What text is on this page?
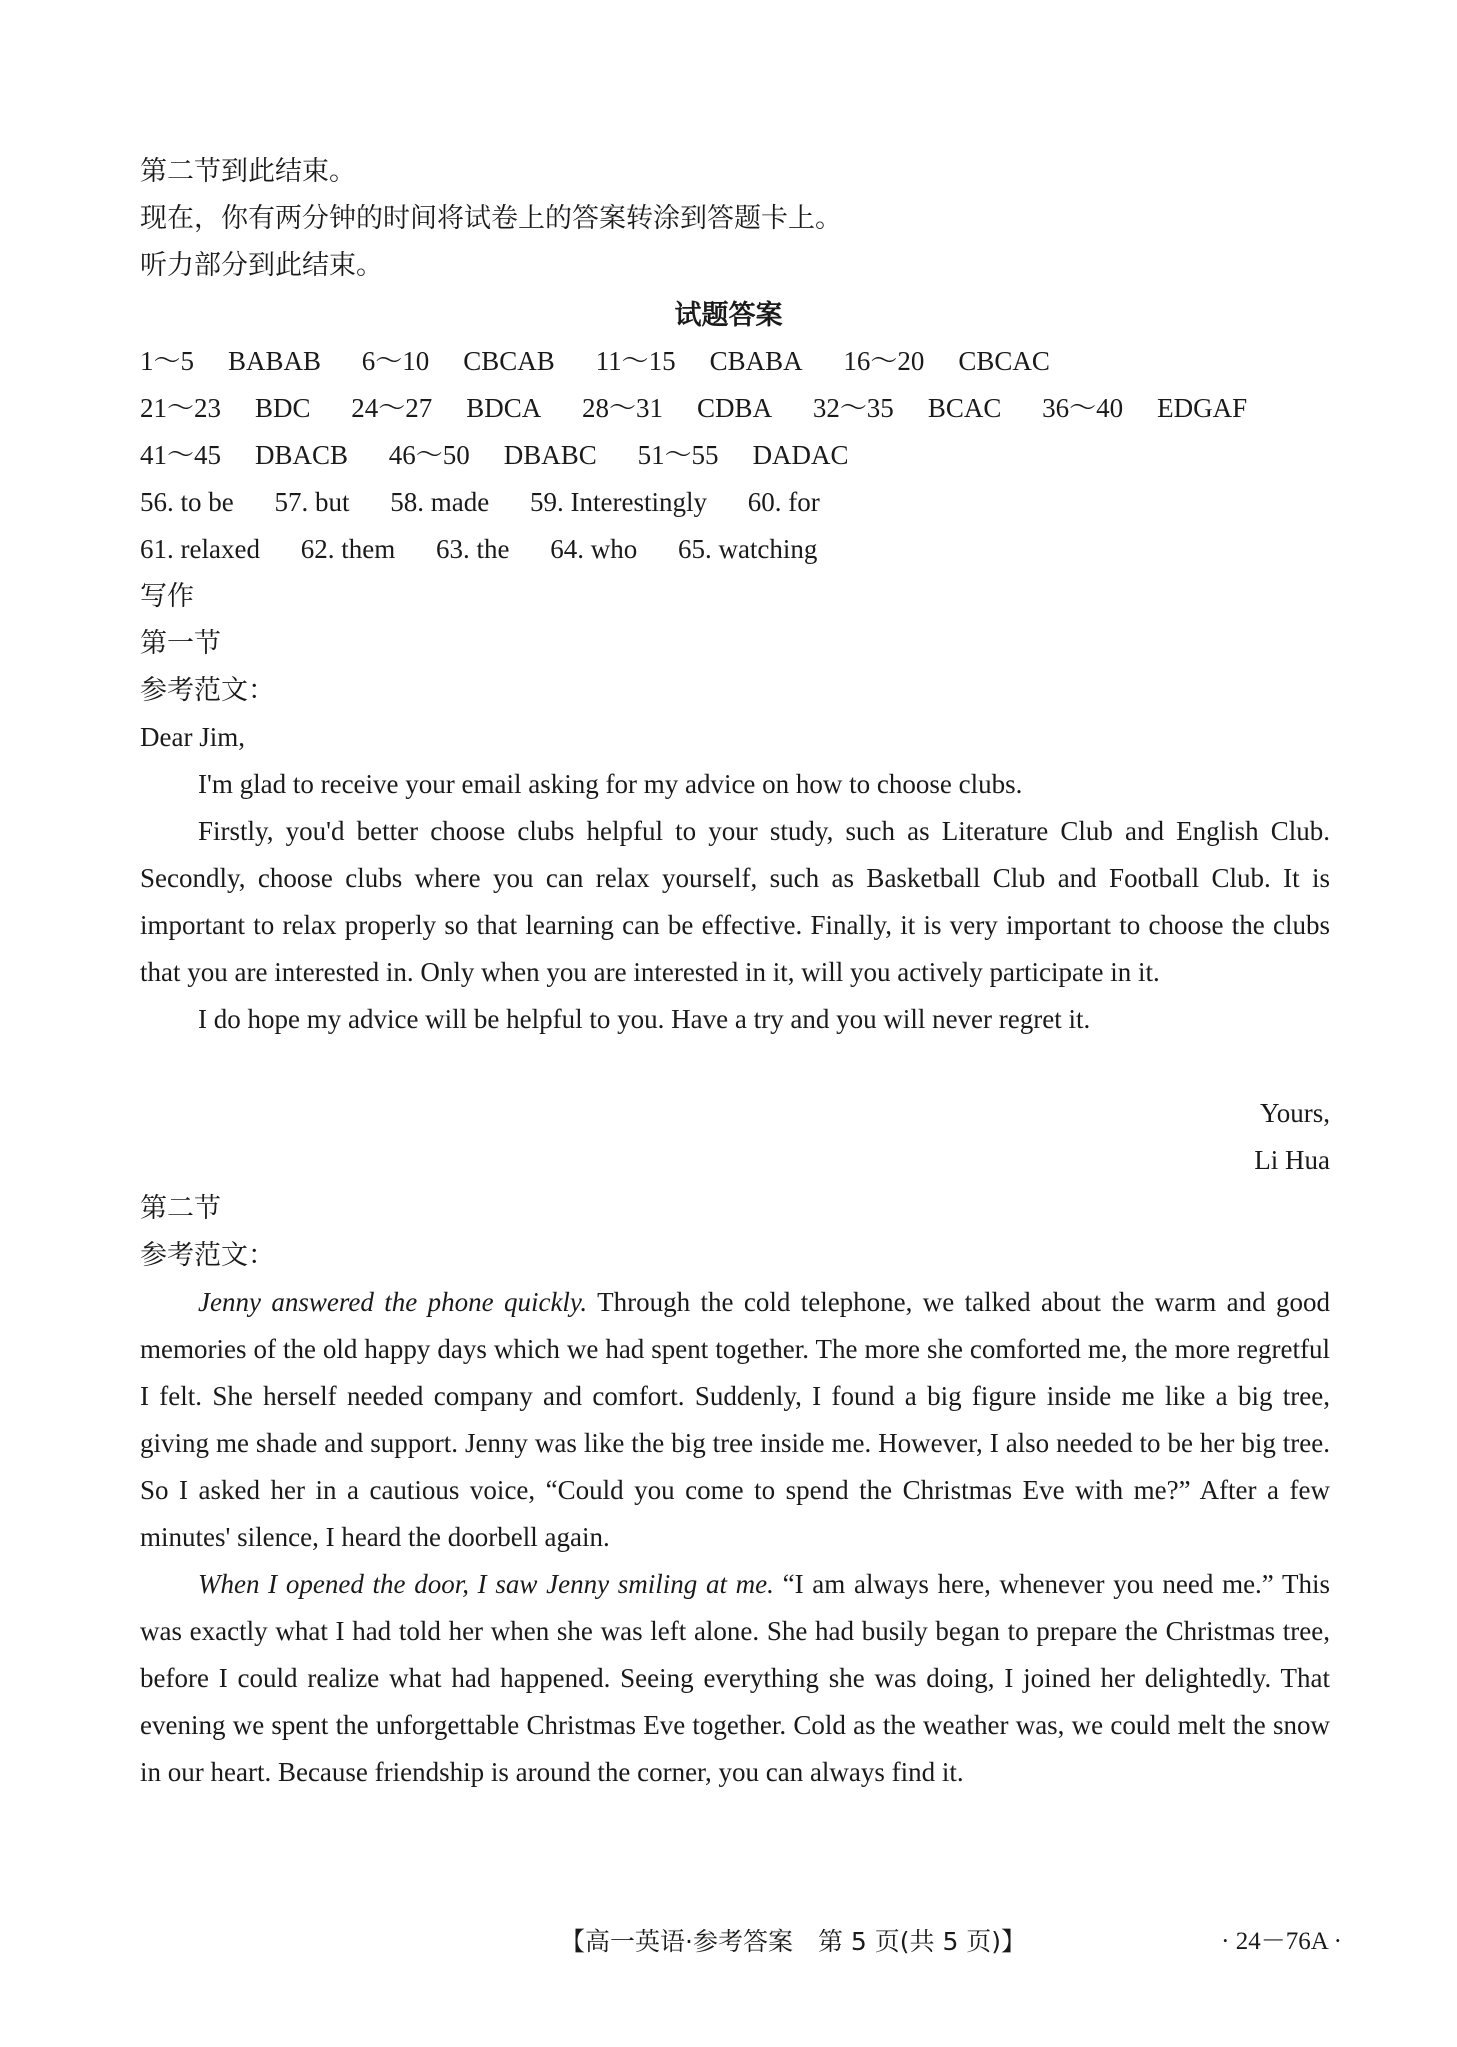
第二节到此结束。
现在，你有两分钟的时间将试卷上的答案转涂到答题卡上。
听力部分到此结束。
试题答案
1～5 BABAB 6～10 CBCAB 11～15 CBABA 16～20 CBCAC
21～23 BDC 24～27 BDCA 28～31 CDBA 32～35 BCAC 36～40 EDGAF
41～45 DBACB 46～50 DBABC 51～55 DADAC
56. to be 57. but 58. made 59. Interestingly 60. for
61. relaxed 62. them 63. the 64. who 65. watching
写作
第一节
参考范文：
Dear Jim,
I'm glad to receive your email asking for my advice on how to choose clubs.
Firstly, you'd better choose clubs helpful to your study, such as Literature Club and English Club. Secondly, choose clubs where you can relax yourself, such as Basketball Club and Football Club. It is important to relax properly so that learning can be effective. Finally, it is very important to choose the clubs that you are interested in. Only when you are interested in it, will you actively participate in it.
I do hope my advice will be helpful to you. Have a try and you will never regret it.
Yours,
Li Hua
第二节
参考范文：
Jenny answered the phone quickly. Through the cold telephone, we talked about the warm and good memories of the old happy days which we had spent together. The more she comforted me, the more regretful I felt. She herself needed company and comfort. Suddenly, I found a big figure inside me like a big tree, giving me shade and support. Jenny was like the big tree inside me. However, I also needed to be her big tree. So I asked her in a cautious voice, “Could you come to spend the Christmas Eve with me?” After a few minutes' silence, I heard the doorbell again.
When I opened the door, I saw Jenny smiling at me. “I am always here, whenever you need me.” This was exactly what I had told her when she was left alone. She had busily began to prepare the Christmas tree, before I could realize what had happened. Seeing everything she was doing, I joined her delightedly. That evening we spent the unforgettable Christmas Eve together. Cold as the weather was, we could melt the snow in our heart. Because friendship is around the corner, you can always find it.
【高一英语·参考答案　第 5 页(共 5 页)】	· 24－76A ·
